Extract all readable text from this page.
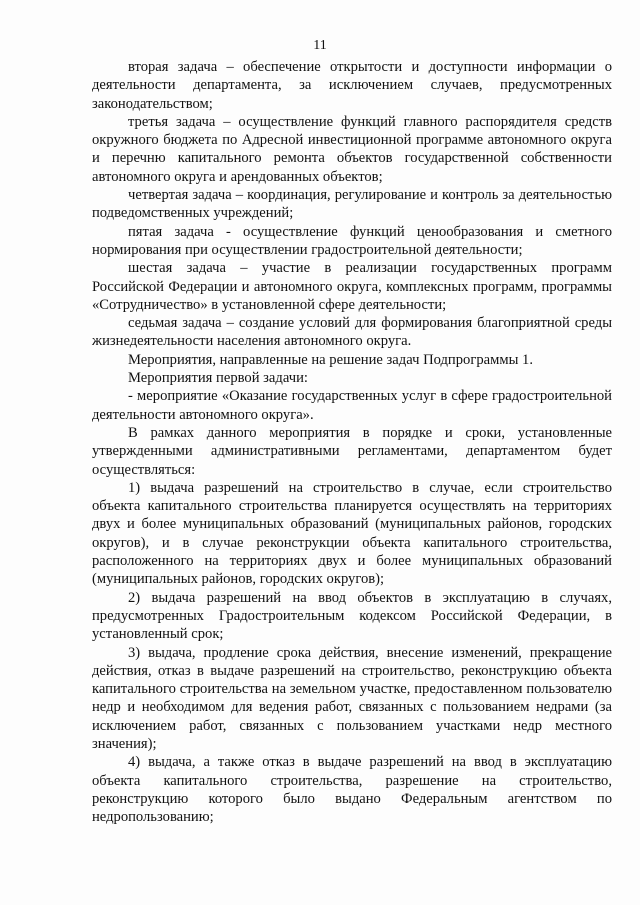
11

вторая задача – обеспечение открытости и доступности информации о деятельности департамента, за исключением случаев, предусмотренных законодательством;

третья задача – осуществление функций главного распорядителя средств окружного бюджета по Адресной инвестиционной программе автономного округа и перечню капитального ремонта объектов государственной собственности автономного округа и арендованных объектов;

четвертая задача – координация, регулирование и контроль за деятельностью подведомственных учреждений;

пятая задача - осуществление функций ценообразования и сметного нормирования при осуществлении градостроительной деятельности;

шестая задача – участие в реализации государственных программ Российской Федерации и автономного округа, комплексных программ, программы «Сотрудничество» в установленной сфере деятельности;

седьмая задача – создание условий для формирования благоприятной среды жизнедеятельности населения автономного округа.

Мероприятия, направленные на решение задач Подпрограммы 1.

Мероприятия первой задачи:

- мероприятие «Оказание государственных услуг в сфере градостроительной деятельности автономного округа».

В рамках данного мероприятия в порядке и сроки, установленные утвержденными административными регламентами, департаментом будет осуществляться:

1) выдача разрешений на строительство в случае, если строительство объекта капитального строительства планируется осуществлять на территориях двух и более муниципальных образований (муниципальных районов, городских округов), и в случае реконструкции объекта капитального строительства, расположенного на территориях двух и более муниципальных образований (муниципальных районов, городских округов);

2) выдача разрешений на ввод объектов в эксплуатацию в случаях, предусмотренных Градостроительным кодексом Российской Федерации, в установленный срок;

3) выдача, продление срока действия, внесение изменений, прекращение действия, отказ в выдаче разрешений на строительство, реконструкцию объекта капитального строительства на земельном участке, предоставленном пользователю недр и необходимом для ведения работ, связанных с пользованием недрами (за исключением работ, связанных с пользованием участками недр местного значения);

4) выдача, а также отказ в выдаче разрешений на ввод в эксплуатацию объекта капитального строительства, разрешение на строительство, реконструкцию которого было выдано Федеральным агентством по недропользованию;
